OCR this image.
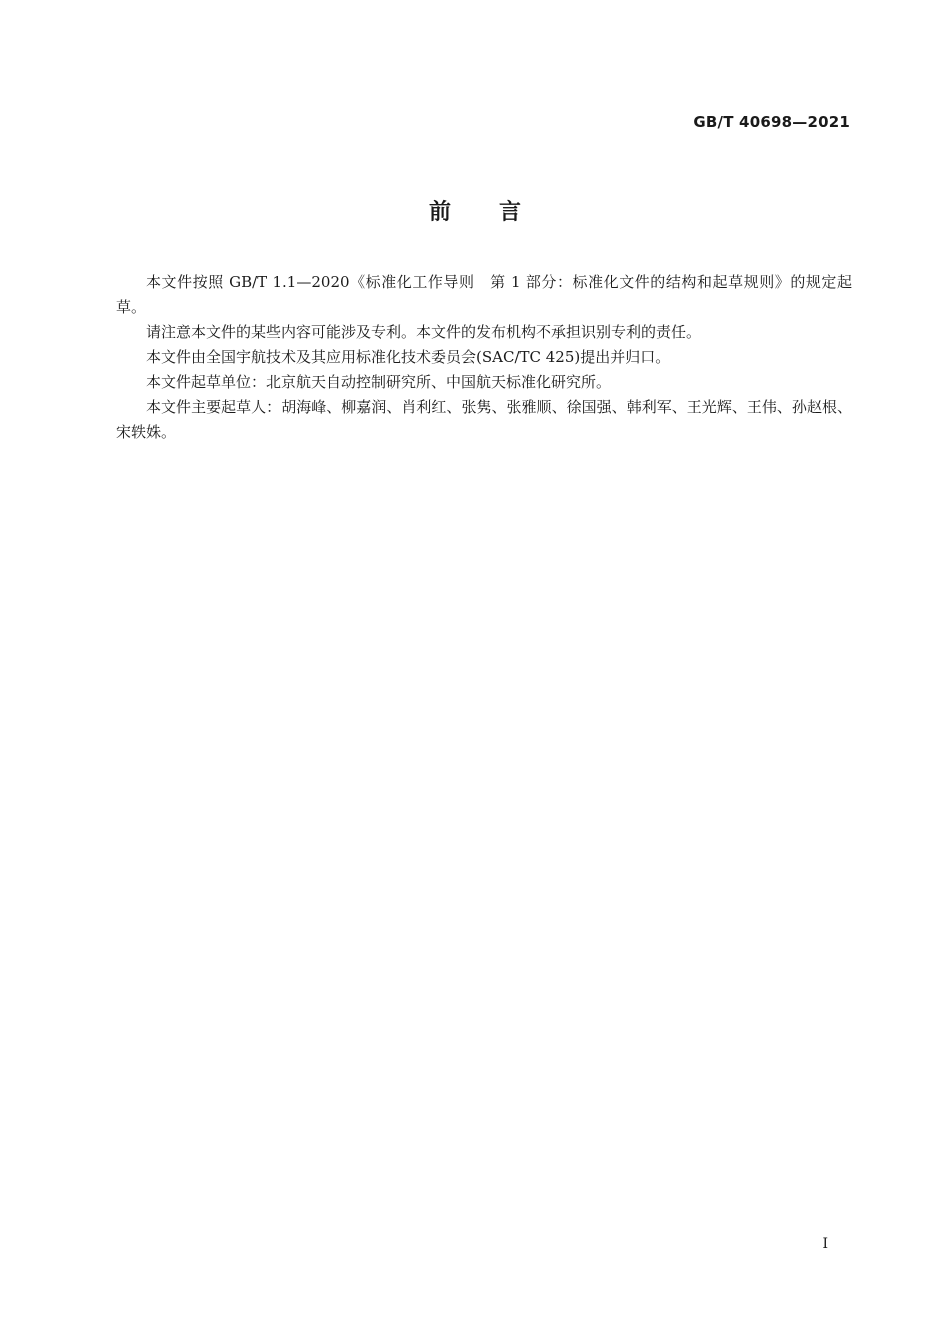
GB/T 40698—2021
前 言

本文件按照 GB/T 1.1—2020《标准化工作导则　第 1 部分：标准化文件的结构和起草规则》的规定起草。

请注意本文件的某些内容可能涉及专利。本文件的发布机构不承担识别专利的责任。

本文件由全国宇航技术及其应用标准化技术委员会(SAC/TC 425)提出并归口。

本文件起草单位：北京航天自动控制研究所、中国航天标准化研究所。

本文件主要起草人：胡海峰、柳嘉润、肖利红、张隽、张雅顺、徐国强、韩利军、王光辉、王伟、孙赵根、宋轶姝。

I
